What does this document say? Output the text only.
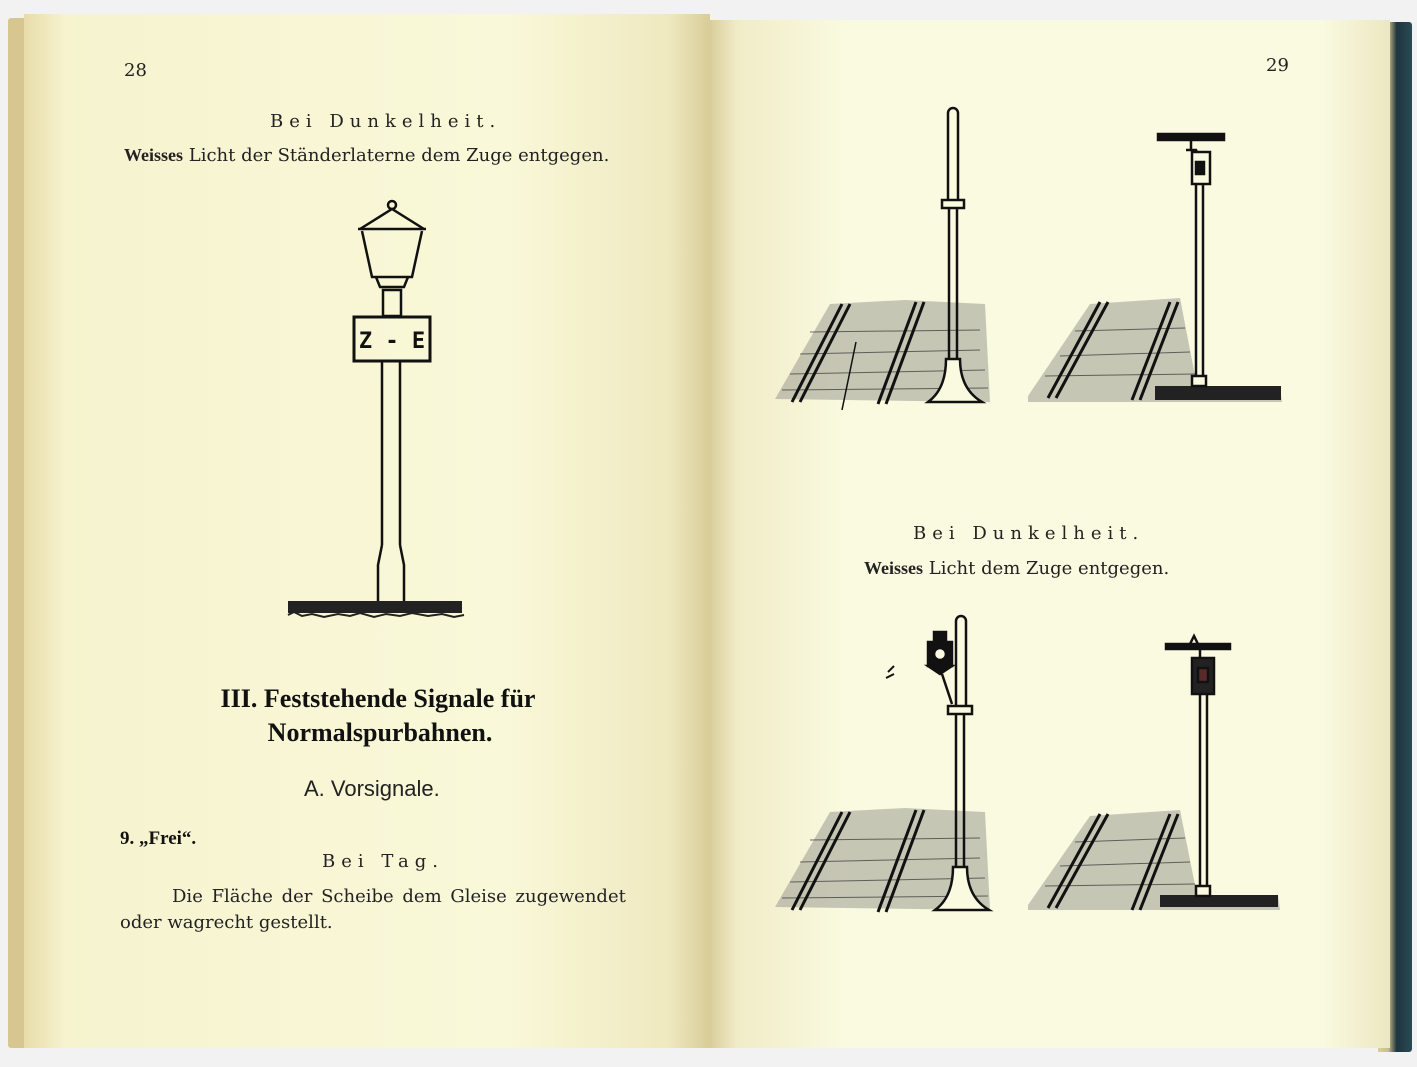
28
Bei Dunkelheit.
Weisses Licht der Ständerlaterne dem Zuge entgegen.
Z - E
III. Feststehende Signale für
Normalspurbahnen.
A. Vorsignale.
9. „Frei“.
Bei Tag.
Die Fläche der Scheibe dem Gleise zugewendet
oder wagrecht gestellt.
29
Bei Dunkelheit.
Weisses Licht dem Zuge entgegen.
